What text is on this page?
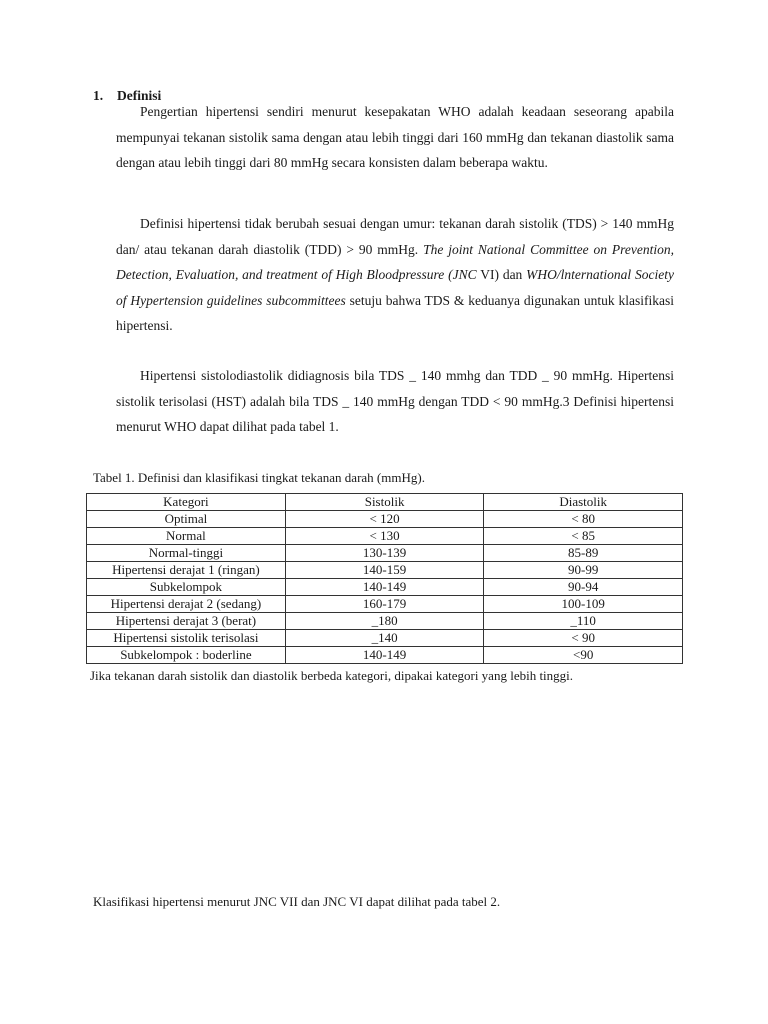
1. Definisi

Pengertian hipertensi sendiri menurut kesepakatan WHO adalah keadaan seseorang apabila mempunyai tekanan sistolik sama dengan atau lebih tinggi dari 160 mmHg dan tekanan diastolik sama dengan atau lebih tinggi dari 80 mmHg secara konsisten dalam beberapa waktu.

Definisi hipertensi tidak berubah sesuai dengan umur: tekanan darah sistolik (TDS) > 140 mmHg dan/ atau tekanan darah diastolik (TDD) > 90 mmHg. The joint National Committee on Prevention, Detection, Evaluation, and treatment of High Bloodpressure (JNC VI) dan WHO/lnternational Society of Hypertension guidelines subcommittees setuju bahwa TDS & keduanya digunakan untuk klasifikasi hipertensi.

Hipertensi sistolodiastolik didiagnosis bila TDS _ 140 mmhg dan TDD _ 90 mmHg. Hipertensi sistolik terisolasi (HST) adalah bila TDS _ 140 mmHg dengan TDD < 90 mmHg.3 Definisi hipertensi menurut WHO dapat dilihat pada tabel 1.

Tabel 1. Definisi dan klasifikasi tingkat tekanan darah (mmHg).

Kategori	Sistolik	Diastolik
Optimal	< 120	< 80
Normal	< 130	< 85
Normal-tinggi	130-139	85-89
Hipertensi derajat 1 (ringan)	140-159	90-99
Subkelompok	140-149	90-94
Hipertensi derajat 2 (sedang)	160-179	100-109
Hipertensi derajat 3 (berat)	_180	_110
Hipertensi sistolik terisolasi	_140	< 90
Subkelompok : boderline	140-149	<90

Jika tekanan darah sistolik dan diastolik berbeda kategori, dipakai kategori yang lebih tinggi.

Klasifikasi hipertensi menurut JNC VII dan JNC VI dapat dilihat pada tabel 2.
